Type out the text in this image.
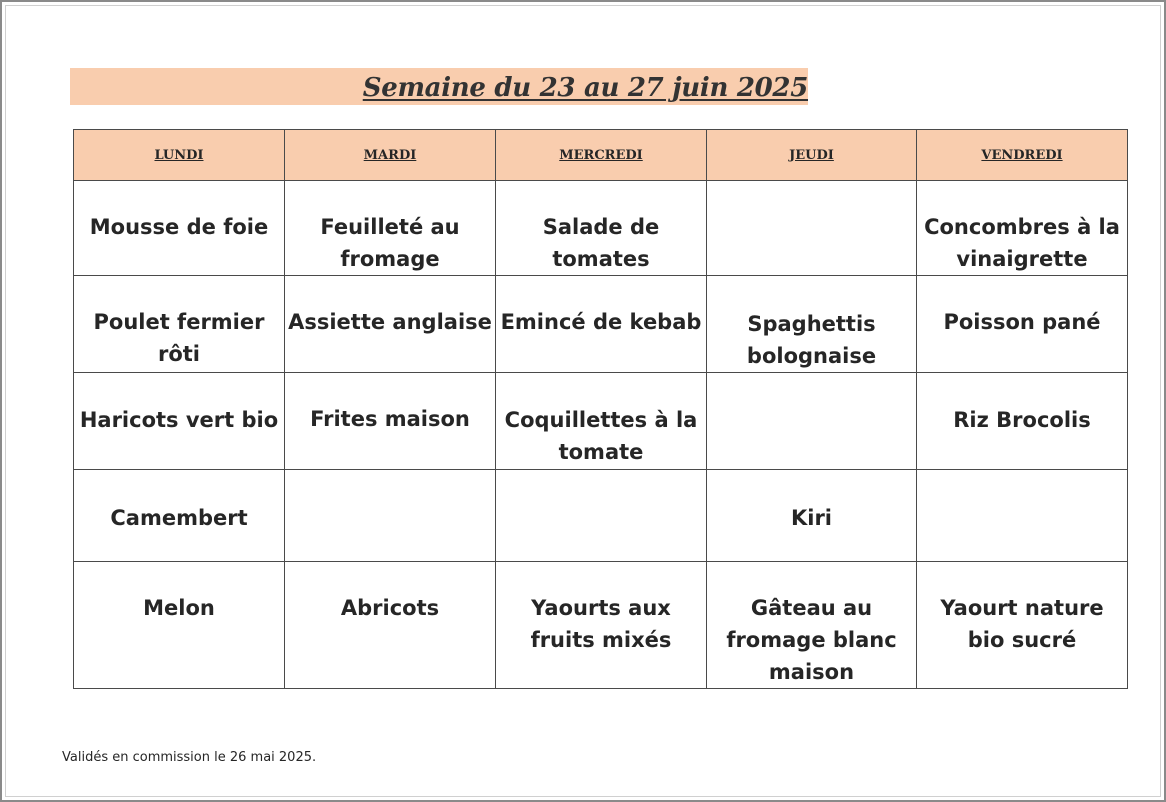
Semaine du 23 au 27 juin 2025
LUNDI	MARDI	MERCREDI	JEUDI	VENDREDI

Mousse de foie	Feuilleté au fromage	Salade de tomates		Concombres à la vinaigrette

Poulet fermier rôti	Assiette anglaise	Emincé de kebab	Spaghettis bolognaise	Poisson pané

Haricots vert bio	Frites maison	Coquillettes à la tomate		Riz Brocolis

Camembert			Kiri	

Melon	Abricots	Yaourts aux fruits mixés	Gâteau au fromage blanc maison	Yaourt nature bio sucré
Validés en commission le 26 mai 2025.
